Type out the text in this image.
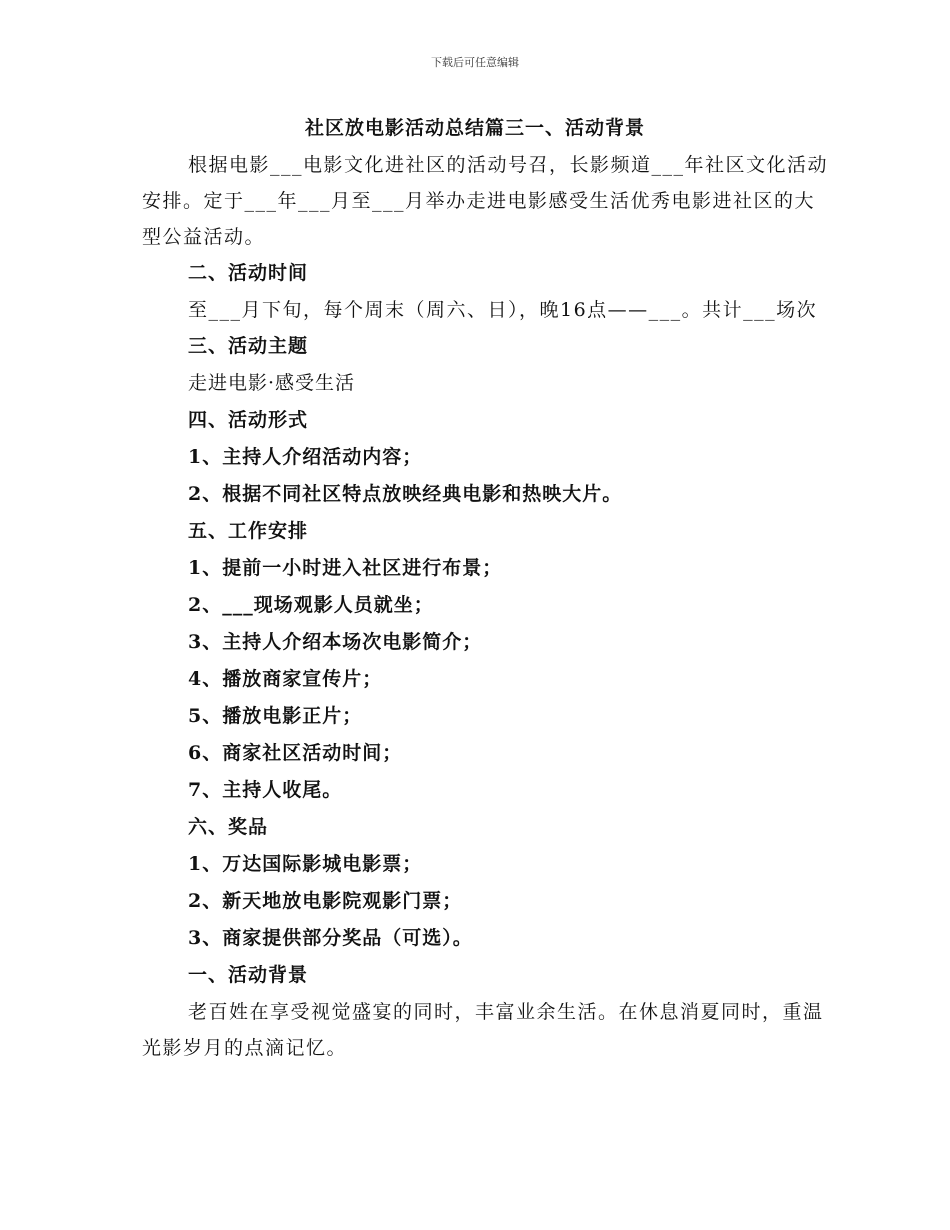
下载后可任意编辑
社区放电影活动总结篇三一、活动背景

根据电影___电影文化进社区的活动号召，长影频道___年社区文化活动安排。定于___年___月至___月举办走进电影感受生活优秀电影进社区的大型公益活动。

二、活动时间

至___月下旬，每个周末（周六、日），晚16点——___。共计___场次

三、活动主题

走进电影·感受生活

四、活动形式

1、主持人介绍活动内容；

2、根据不同社区特点放映经典电影和热映大片。

五、工作安排

1、提前一小时进入社区进行布景；

2、___现场观影人员就坐；

3、主持人介绍本场次电影简介；

4、播放商家宣传片；

5、播放电影正片；

6、商家社区活动时间；

7、主持人收尾。

六、奖品

1、万达国际影城电影票；

2、新天地放电影院观影门票；

3、商家提供部分奖品（可选）。

一、活动背景

老百姓在享受视觉盛宴的同时，丰富业余生活。在休息消夏同时，重温光影岁月的点滴记忆。
